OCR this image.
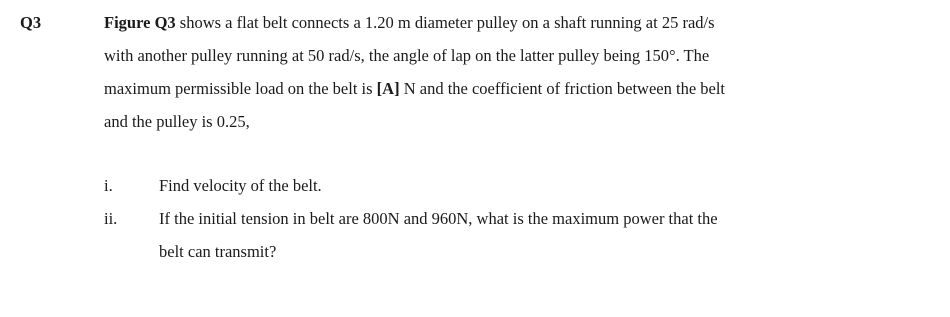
Q3	Figure Q3 shows a flat belt connects a 1.20 m diameter pulley on a shaft running at 25 rad/s
with another pulley running at 50 rad/s, the angle of lap on the latter pulley being 150°. The
maximum permissible load on the belt is [A] N and the coefficient of friction between the belt
and the pulley is 0.25,
i.	Find velocity of the belt.
ii.	If the initial tension in belt are 800N and 960N, what is the maximum power that the
belt can transmit?
